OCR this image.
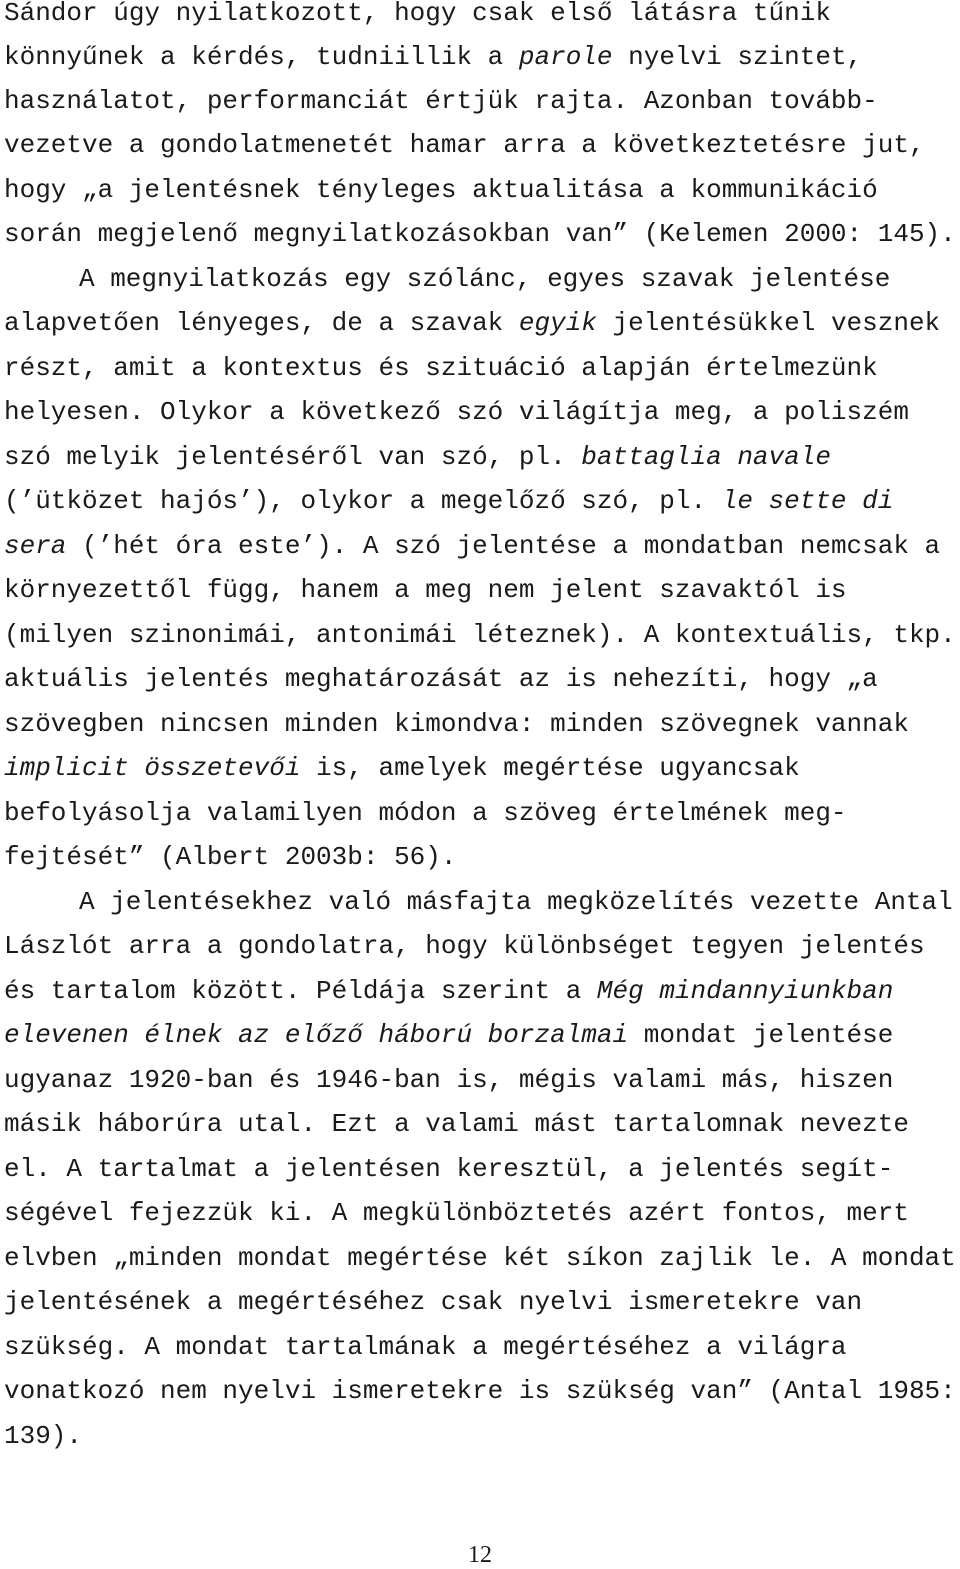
Sándor úgy nyilatkozott, hogy csak első látásra tűnik
könnyűnek a kérdés, tudniillik a parole nyelvi szintet,
használatot, performanciát értjük rajta. Azonban tovább-
vezetve a gondolatmenetét hamar arra a következtetésre jut,
hogy „a jelentésnek tényleges aktualitása a kommunikáció
során megjelenő megnyilatkozásokban van” (Kelemen 2000: 145).
A megnyilatkozás egy szólánc, egyes szavak jelentése
alapvetően lényeges, de a szavak egyik jelentésükkel vesznek
részt, amit a kontextus és szituáció alapján értelmezünk
helyesen. Olykor a következő szó világítja meg, a poliszém
szó melyik jelentéséről van szó, pl. battaglia navale
(’ütközet hajós’), olykor a megelőző szó, pl. le sette di
sera (’hét óra este’). A szó jelentése a mondatban nemcsak a
környezettől függ, hanem a meg nem jelent szavaktól is
(milyen szinonimái, antonimái léteznek). A kontextuális, tkp.
aktuális jelentés meghatározását az is nehezíti, hogy „a
szövegben nincsen minden kimondva: minden szövegnek vannak
implicit összetevői is, amelyek megértése ugyancsak
befolyásolja valamilyen módon a szöveg értelmének meg-
fejtését” (Albert 2003b: 56).
A jelentésekhez való másfajta megközelítés vezette Antal
Lászlót arra a gondolatra, hogy különbséget tegyen jelentés
és tartalom között. Példája szerint a Még mindannyiunkban
elevenen élnek az előző háború borzalmai mondat jelentése
ugyanaz 1920-ban és 1946-ban is, mégis valami más, hiszen
másik háborúra utal. Ezt a valami mást tartalomnak nevezte
el. A tartalmat a jelentésen keresztül, a jelentés segít-
ségével fejezzük ki. A megkülönböztetés azért fontos, mert
elvben „minden mondat megértése két síkon zajlik le. A mondat
jelentésének a megértéséhez csak nyelvi ismeretekre van
szükség. A mondat tartalmának a megértéséhez a világra
vonatkozó nem nyelvi ismeretekre is szükség van” (Antal 1985:
139).
12
